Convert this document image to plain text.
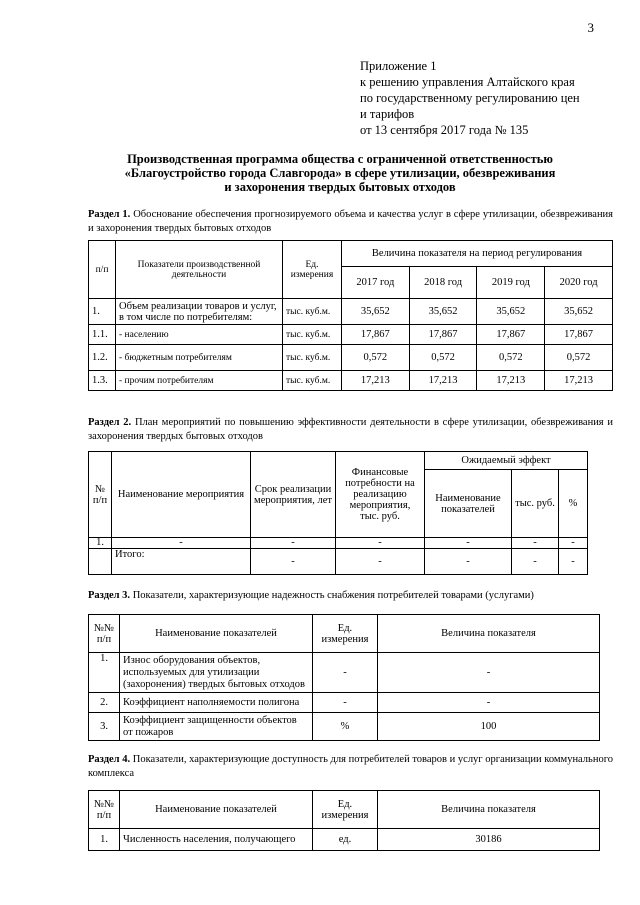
3
Приложение 1
к решению управления Алтайского края
по государственному регулированию цен
и тарифов
от 13 сентября 2017 года № 135
Производственная программа общества с ограниченной ответственностью
«Благоустройство города Славгорода» в сфере утилизации, обезвреживания
и захоронения твердых бытовых отходов
Раздел 1. Обоснование обеспечения прогнозируемого объема и качества услуг в сфере утилизации, обезвреживания и захоронения твердых бытовых отходов
п/п	Показатели производственной деятельности	Ед. измерения	Величина показателя на период регулирования			
			2017 год	2018 год	2019 год	2020 год
1.	Объем реализации товаров и услуг, в том числе по потребителям:	тыс. куб.м.	35,652	35,652	35,652	35,652
1.1.	- населению	тыс. куб.м.	17,867	17,867	17,867	17,867
1.2.	- бюджетным потребителям	тыс. куб.м.	0,572	0,572	0,572	0,572
1.3.	- прочим потребителям	тыс. куб.м.	17,213	17,213	17,213	17,213
Раздел 2. План мероприятий по повышению эффективности деятельности в сфере утилизации, обезвреживания и захоронения твердых бытовых отходов
№ п/п	Наименование мероприятия	Срок реализации мероприятия, лет	Финансовые потребности на реализацию мероприятия, тыс. руб.	Ожидаемый эффект		
				Наименование показателей	тыс. руб.	%
1.	-	-	-	-	-	-
	Итого:	-	-	-	-	-
Раздел 3. Показатели, характеризующие надежность снабжения потребителей товарами (услугами)
№№ п/п	Наименование показателей	Ед. измерения	Величина показателя
1.	Износ оборудования объектов, используемых для утилизации (захоронения) твердых бытовых отходов	-	-
2.	Коэффициент наполняемости полигона	-	-
3.	Коэффициент защищенности объектов от пожаров	%	100
Раздел 4. Показатели, характеризующие доступность для потребителей товаров и услуг организации коммунального комплекса
№№ п/п	Наименование показателей	Ед. измерения	Величина показателя
1.	Численность населения, получающего	ед.	30186
